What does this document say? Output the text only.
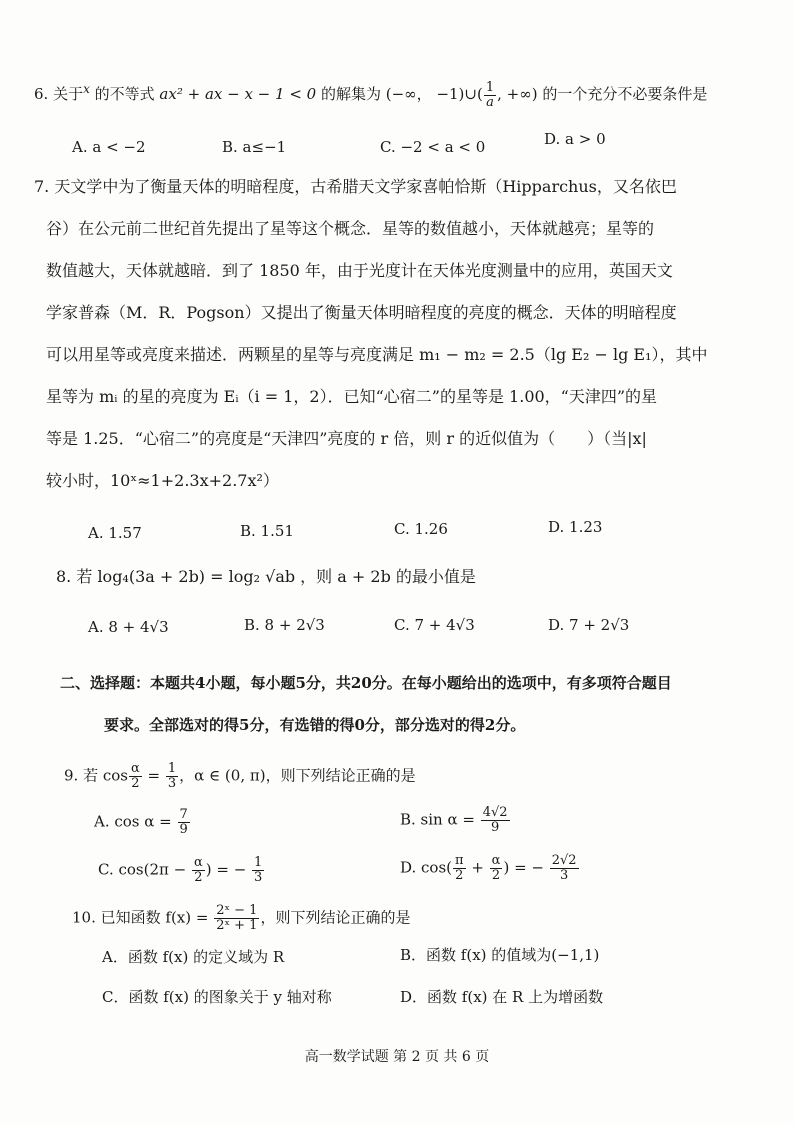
6. 关于$^x$ 的不等式 ax² + ax − x − 1 < 0 的解集为 (−∞， −1)∪( $\frac{1}{a}$ , +∞) 的一个充分不必要条件是
A. a < −2	B. a≤−1	C. −2 < a < 0	D. a > 0
7. 天文学中为了衡量天体的明暗程度，古希腊天文学家喜帕恰斯（Hipparchus，又名依巴
谷）在公元前二世纪首先提出了星等这个概念．星等的数值越小，天体就越亮；星等的
数值越大，天体就越暗．到了 1850 年，由于光度计在天体光度测量中的应用，英国天文
学家普森（M．R．Pogson）又提出了衡量天体明暗程度的亮度的概念．天体的明暗程度
可以用星等或亮度来描述．两颗星的星等与亮度满足 m₁ − m₂ = 2.5（lg E₂ − lg E₁），其中
星等为 mᵢ 的星的亮度为 Eᵢ（i = 1，2）．已知“心宿二”的星等是 1.00，“天津四”的星
等是 1.25．“心宿二”的亮度是“天津四”亮度的 r 倍，则 r 的近似值为（　　）（当|x|
较小时，10ˣ≈1+2.3x+2.7x²）
A. 1.57	B. 1.51	C. 1.26	D. 1.23
8. 若 log₄(3a + 2b) = log₂ √ab ，则 a + 2b 的最小值是
A. 8 + 4√3	B. 8 + 2√3	C. 7 + 4√3	D. 7 + 2√3
二、选择题：本题共4小题，每小题5分，共20分。在每小题给出的选项中，有多项符合题目
要求。全部选对的得5分，有选错的得0分，部分选对的得2分。
9. 若 $\cos \frac{\alpha}{2} = \frac{1}{3}$ ，α ∈ (0, π)，则下列结论正确的是
A. $\cos \alpha = \frac{7}{9}$	B. $\sin \alpha = \frac{4√2}{9}$
C. $\cos(2\pi - \frac{\alpha}{2}$ ) = − $\frac{1}{3}$	D. $\cos( \frac{\pi}{2} + \frac{\alpha}{2}$ ) = − $\frac{2√2}{3}$
10. 已知函数 $f(x) = \frac{\text{2ˣ − 1}}{\text{2ˣ + 1}}$ ，则下列结论正确的是
A．函数 f(x) 的定义域为 R	B．函数 f(x) 的值域为(−1,1)
C．函数 f(x) 的图象关于 y 轴对称	D．函数 f(x) 在 R 上为增函数
高一数学试题 第 2 页 共 6 页
